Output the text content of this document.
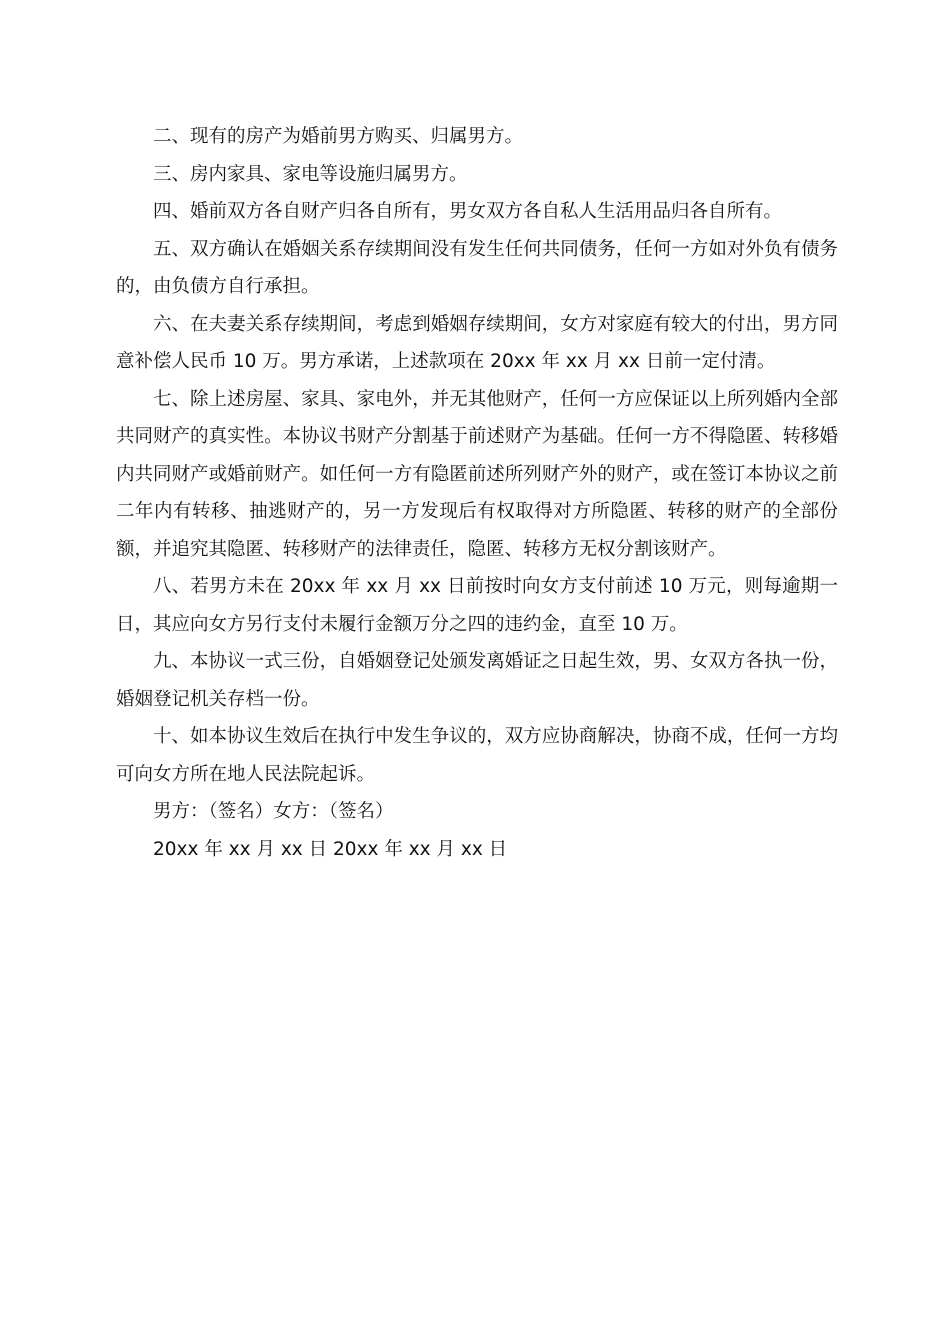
二、现有的房产为婚前男方购买、归属男方。

三、房内家具、家电等设施归属男方。

四、婚前双方各自财产归各自所有，男女双方各自私人生活用品归各自所有。

五、双方确认在婚姻关系存续期间没有发生任何共同债务，任何一方如对外负有债务的，由负债方自行承担。

六、在夫妻关系存续期间，考虑到婚姻存续期间，女方对家庭有较大的付出，男方同意补偿人民币 10 万。男方承诺，上述款项在 20xx 年 xx 月 xx 日前一定付清。

七、除上述房屋、家具、家电外，并无其他财产，任何一方应保证以上所列婚内全部共同财产的真实性。本协议书财产分割基于前述财产为基础。任何一方不得隐匿、转移婚内共同财产或婚前财产。如任何一方有隐匿前述所列财产外的财产，或在签订本协议之前二年内有转移、抽逃财产的，另一方发现后有权取得对方所隐匿、转移的财产的全部份额，并追究其隐匿、转移财产的法律责任，隐匿、转移方无权分割该财产。

八、若男方未在 20xx 年 xx 月 xx 日前按时向女方支付前述 10 万元，则每逾期一日，其应向女方另行支付未履行金额万分之四的违约金，直至 10 万。

九、本协议一式三份，自婚姻登记处颁发离婚证之日起生效，男、女双方各执一份，婚姻登记机关存档一份。

十、如本协议生效后在执行中发生争议的，双方应协商解决，协商不成，任何一方均可向女方所在地人民法院起诉。

男方：（签名）女方：（签名）

20xx 年 xx 月 xx 日 20xx 年 xx 月 xx 日
